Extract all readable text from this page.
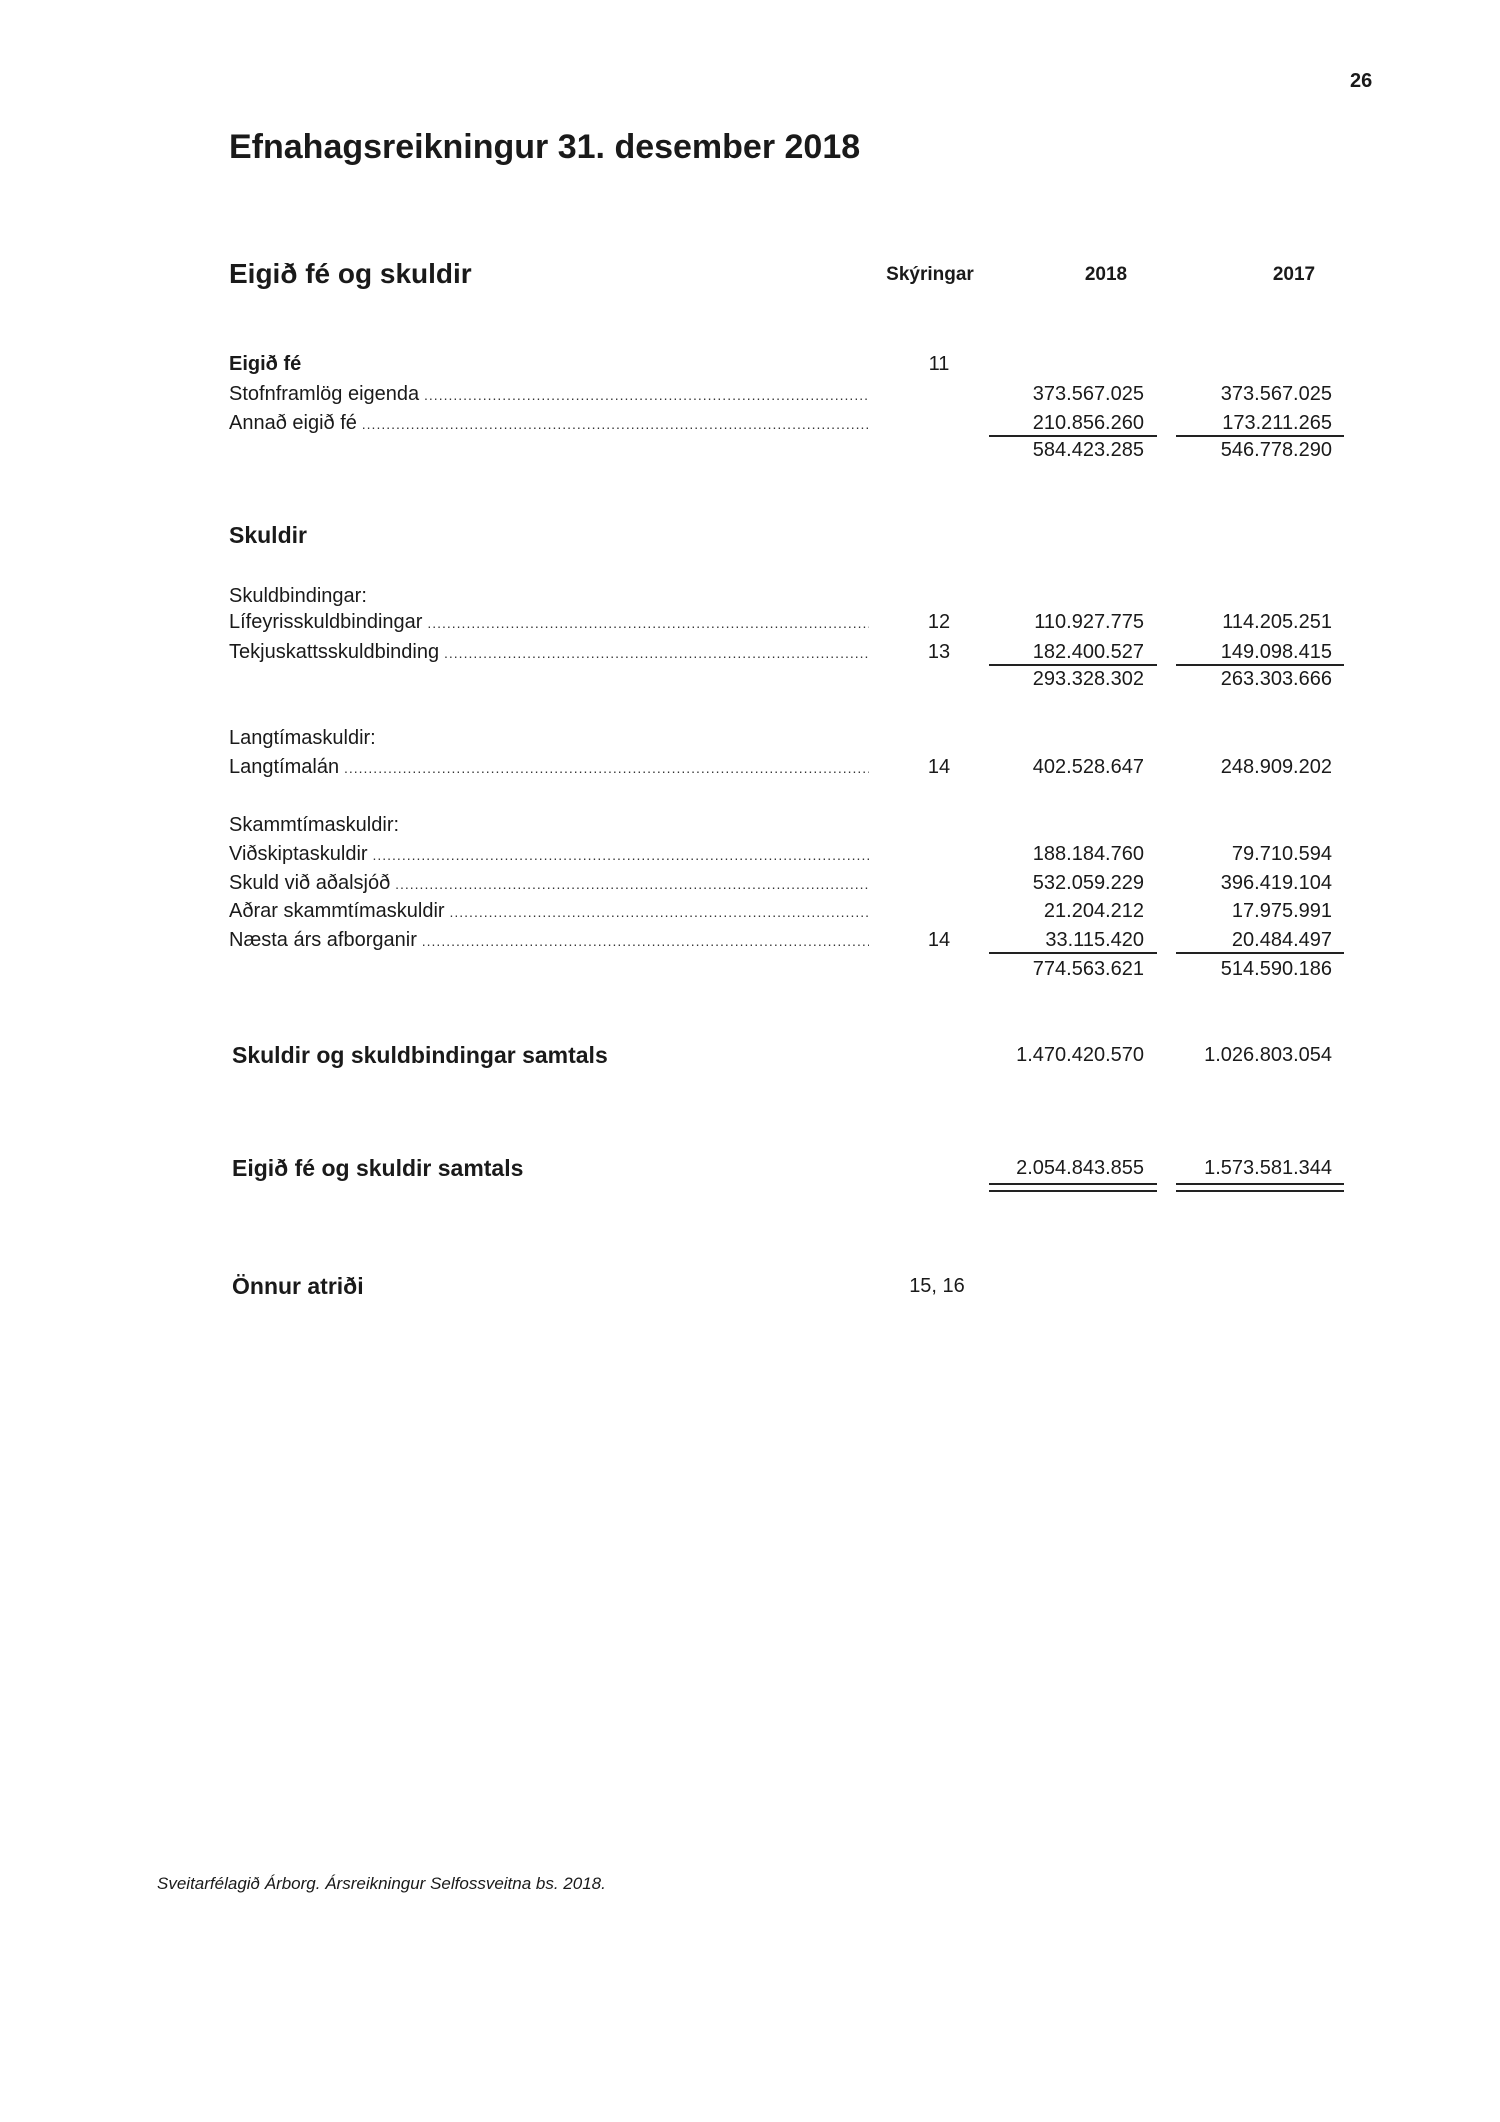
26
Efnahagsreikningur 31. desember 2018
Eigið fé og skuldir	Skýringar	2018	2017
Eigið fé	11
Stofnframlög eigenda .....	373.567.025	373.567.025
Annað eigið fé .....	210.856.260	173.211.265
584.423.285	546.778.290
Skuldir
Skuldbindingar:
Lífeyrisskuldbindingar .....	12	110.927.775	114.205.251
Tekjuskattsskuldbinding .....	13	182.400.527	149.098.415
293.328.302	263.303.666
Langtímaskuldir:
Langtímalán .....	14	402.528.647	248.909.202
Skammtímaskuldir:
Viðskiptaskuldir .....	188.184.760	79.710.594
Skuld við aðalsjóð .....	532.059.229	396.419.104
Aðrar skammtímaskuldir .....	21.204.212	17.975.991
Næsta árs afborganir .....	14	33.115.420	20.484.497
774.563.621	514.590.186
Skuldir og skuldbindingar samtals	1.470.420.570	1.026.803.054
Eigið fé og skuldir samtals	2.054.843.855	1.573.581.344
Önnur atriði	15, 16
Sveitarfélagið Árborg. Ársreikningur Selfossveitna bs. 2018.
